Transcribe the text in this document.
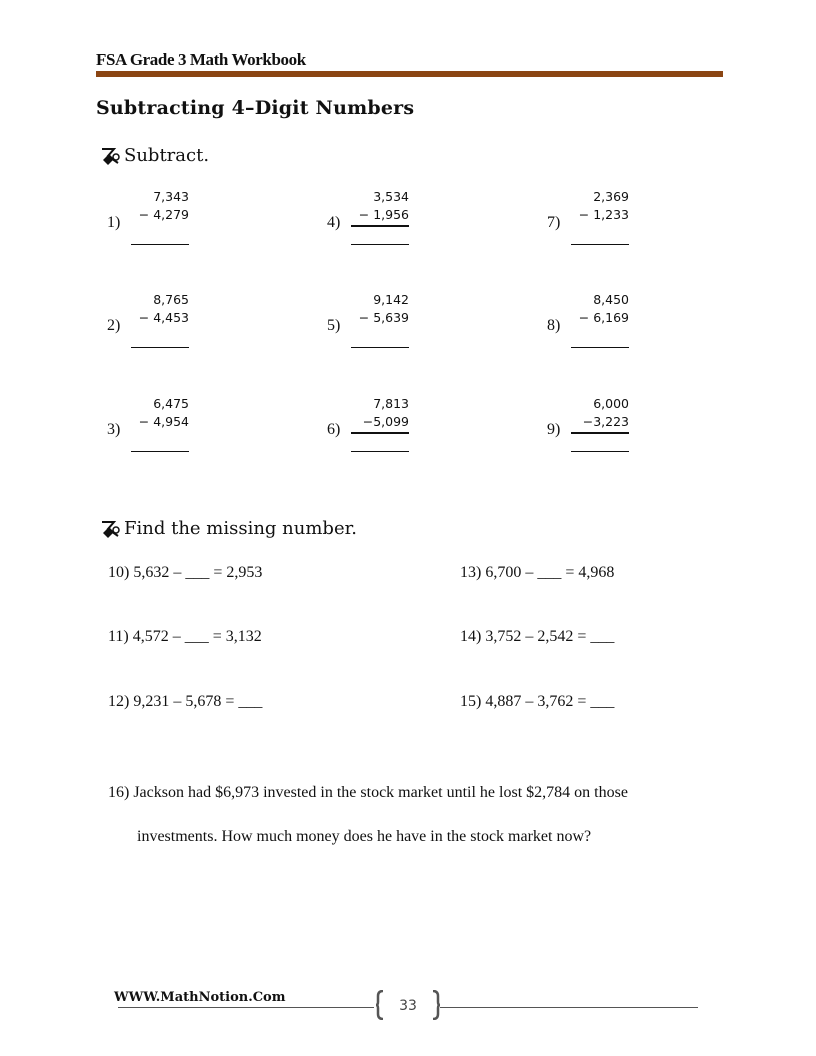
FSA Grade 3 Math Workbook
Subtracting 4–Digit Numbers
Subtract.
1)
7,343
− 4,279	4)
3,534
− 1,956	7)
2,369
− 1,233
2)
8,765
− 4,453	5)
9,142
− 5,639	8)
8,450
− 6,169
3)
6,475
− 4,954	6)
7,813
−5,099	9)
6,000
−3,223
Find the missing number.
10) 5,632 – ___ = 2,953	13) 6,700 – ___ = 4,968
11) 4,572 – ___ = 3,132	14) 3,752 – 2,542 = ___
12) 9,231 – 5,678 = ___	15) 4,887 – 3,762 = ___
16) Jackson had $6,973 invested in the stock market until he lost $2,784 on those
investments. How much money does he have in the stock market now?
WWW.MathNotion.Com
33
